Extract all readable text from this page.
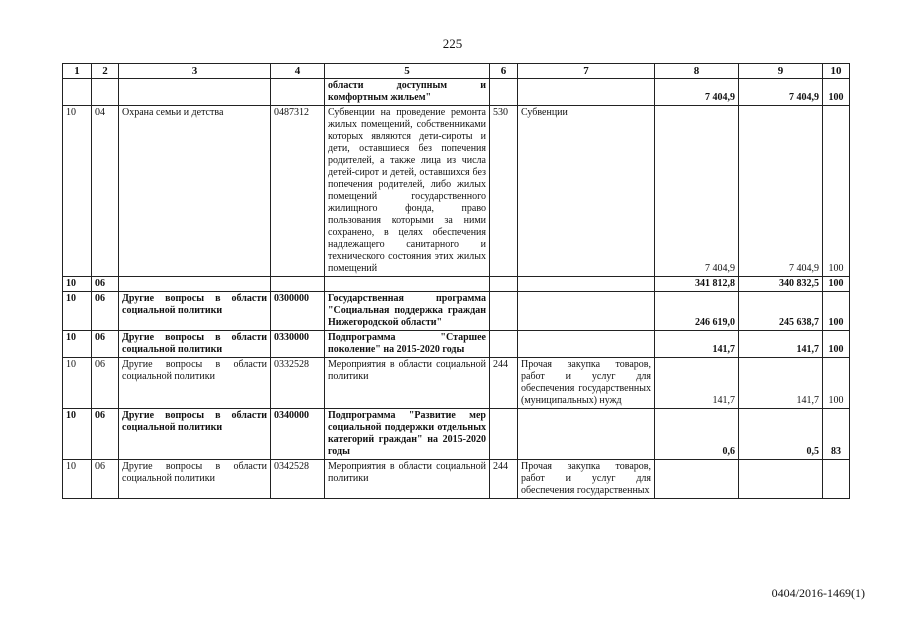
225
1	2	3	4	5	6	7	8	9	10
				области доступным и комфортным жильем"			7 404,9	7 404,9	100
10	04	Охрана семьи и детства	0487312	Субвенции на проведение ремонта жилых помещений, собственниками которых являются дети-сироты и дети, оставшиеся без попечения родителей, а также лица из числа детей-сирот и детей, оставшихся без попечения родителей, либо жилых помещений государственного жилищного фонда, право пользования которыми за ними сохранено, в целях обеспечения надлежащего санитарного и технического состояния этих жилых помещений	530	Субвенции	7 404,9	7 404,9	100
10	06						341 812,8	340 832,5	100
10	06	Другие вопросы в области социальной политики	0300000	Государственная программа "Социальная поддержка граждан Нижегородской области"			246 619,0	245 638,7	100
10	06	Другие вопросы в области социальной политики	0330000	Подпрограмма "Старшее поколение" на 2015-2020 годы			141,7	141,7	100
10	06	Другие вопросы в области социальной политики	0332528	Мероприятия в области социальной политики	244	Прочая закупка товаров, работ и услуг для обеспечения государственных (муниципальных) нужд	141,7	141,7	100
10	06	Другие вопросы в области социальной политики	0340000	Подпрограмма "Развитие мер социальной поддержки отдельных категорий граждан" на 2015-2020 годы			0,6	0,5	83
10	06	Другие вопросы в области социальной политики	0342528	Мероприятия в области социальной политики	244	Прочая закупка товаров, работ и услуг для обеспечения государственных			
0404/2016-1469(1)
